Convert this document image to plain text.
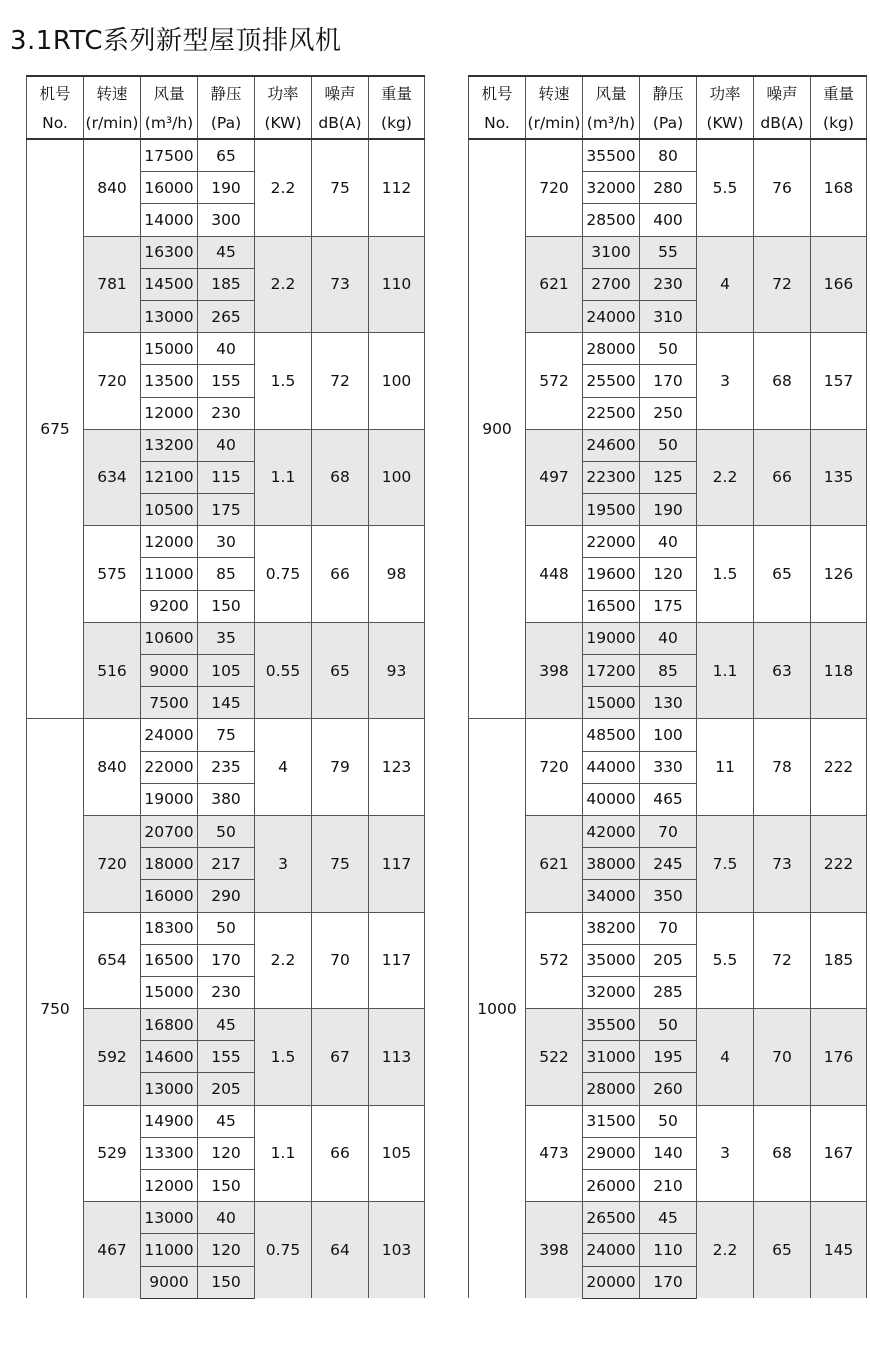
3.1RTC系列新型屋顶排风机
机号	转速	风量	静压	功率	噪声	重量
No.	(r/min)	(m³/h)	(Pa)	(KW)	dB(A)	(kg)
675	840	17500	65	2.2	75	112
		16000	190			
		14000	300			
	781	16300	45	2.2	73	110
		14500	185			
		13000	265			
	720	15000	40	1.5	72	100
		13500	155			
		12000	230			
	634	13200	40	1.1	68	100
		12100	115			
		10500	175			
	575	12000	30	0.75	66	98
		11000	85			
		9200	150			
	516	10600	35	0.55	65	93
		9000	105			
		7500	145			
750	840	24000	75	4	79	123
		22000	235			
		19000	380			
	720	20700	50	3	75	117
		18000	217			
		16000	290			
	654	18300	50	2.2	70	117
		16500	170			
		15000	230			
	592	16800	45	1.5	67	113
		14600	155			
		13000	205			
	529	14900	45	1.1	66	105
		13300	120			
		12000	150			
	467	13000	40	0.75	64	103
		11000	120			
		9000	150			
机号	转速	风量	静压	功率	噪声	重量
No.	(r/min)	(m³/h)	(Pa)	(KW)	dB(A)	(kg)
900	720	35500	80	5.5	76	168
		32000	280			
		28500	400			
	621	3100	55	4	72	166
		2700	230			
		24000	310			
	572	28000	50	3	68	157
		25500	170			
		22500	250			
	497	24600	50	2.2	66	135
		22300	125			
		19500	190			
	448	22000	40	1.5	65	126
		19600	120			
		16500	175			
	398	19000	40	1.1	63	118
		17200	85			
		15000	130			
1000	720	48500	100	11	78	222
		44000	330			
		40000	465			
	621	42000	70	7.5	73	222
		38000	245			
		34000	350			
	572	38200	70	5.5	72	185
		35000	205			
		32000	285			
	522	35500	50	4	70	176
		31000	195			
		28000	260			
	473	31500	50	3	68	167
		29000	140			
		26000	210			
	398	26500	45	2.2	65	145
		24000	110			
		20000	170			
